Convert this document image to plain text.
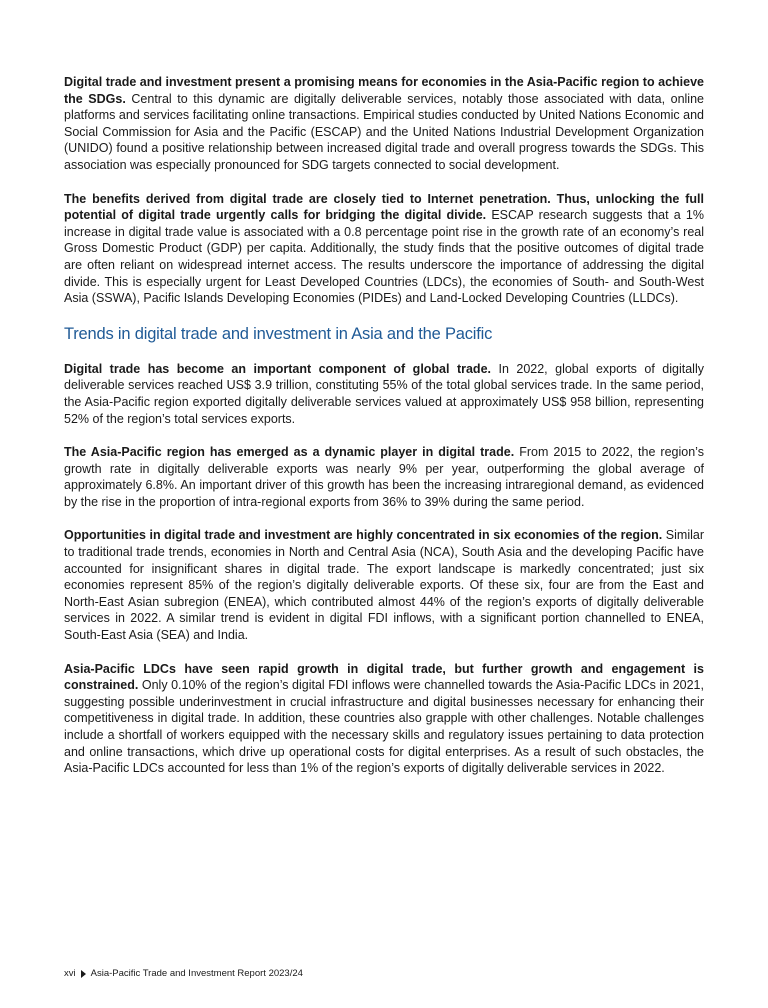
Digital trade and investment present a promising means for economies in the Asia-Pacific region to achieve the SDGs. Central to this dynamic are digitally deliverable services, notably those associated with data, online platforms and services facilitating online transactions. Empirical studies conducted by United Nations Economic and Social Commission for Asia and the Pacific (ESCAP) and the United Nations Industrial Development Organization (UNIDO) found a positive relationship between increased digital trade and overall progress towards the SDGs. This association was especially pronounced for SDG targets connected to social development.

The benefits derived from digital trade are closely tied to Internet penetration. Thus, unlocking the full potential of digital trade urgently calls for bridging the digital divide. ESCAP research suggests that a 1% increase in digital trade value is associated with a 0.8 percentage point rise in the growth rate of an economy’s real Gross Domestic Product (GDP) per capita. Additionally, the study finds that the positive outcomes of digital trade are often reliant on widespread internet access. The results underscore the importance of addressing the digital divide. This is especially urgent for Least Developed Countries (LDCs), the economies of South- and South-West Asia (SSWA), Pacific Islands Developing Economies (PIDEs) and Land-Locked Developing Countries (LLDCs).

Trends in digital trade and investment in Asia and the Pacific

Digital trade has become an important component of global trade. In 2022, global exports of digitally deliverable services reached US$ 3.9 trillion, constituting 55% of the total global services trade. In the same period, the Asia-Pacific region exported digitally deliverable services valued at approximately US$ 958 billion, representing 52% of the region’s total services exports.

The Asia-Pacific region has emerged as a dynamic player in digital trade. From 2015 to 2022, the region’s growth rate in digitally deliverable exports was nearly 9% per year, outperforming the global average of approximately 6.8%. An important driver of this growth has been the increasing intraregional demand, as evidenced by the rise in the proportion of intra-regional exports from 36% to 39% during the same period.

Opportunities in digital trade and investment are highly concentrated in six economies of the region. Similar to traditional trade trends, economies in North and Central Asia (NCA), South Asia and the developing Pacific have accounted for insignificant shares in digital trade. The export landscape is markedly concentrated; just six economies represent 85% of the region’s digitally deliverable exports. Of these six, four are from the East and North-East Asian subregion (ENEA), which contributed almost 44% of the region’s exports of digitally deliverable services in 2022. A similar trend is evident in digital FDI inflows, with a significant portion channelled to ENEA, South-East Asia (SEA) and India.

Asia-Pacific LDCs have seen rapid growth in digital trade, but further growth and engagement is constrained. Only 0.10% of the region’s digital FDI inflows were channelled towards the Asia-Pacific LDCs in 2021, suggesting possible underinvestment in crucial infrastructure and digital businesses necessary for enhancing their competitiveness in digital trade. In addition, these countries also grapple with other challenges. Notable challenges include a shortfall of workers equipped with the necessary skills and regulatory issues pertaining to data protection and online transactions, which drive up operational costs for digital enterprises. As a result of such obstacles, the Asia-Pacific LDCs accounted for less than 1% of the region’s exports of digitally deliverable services in 2022.

xvi Asia-Pacific Trade and Investment Report 2023/24
